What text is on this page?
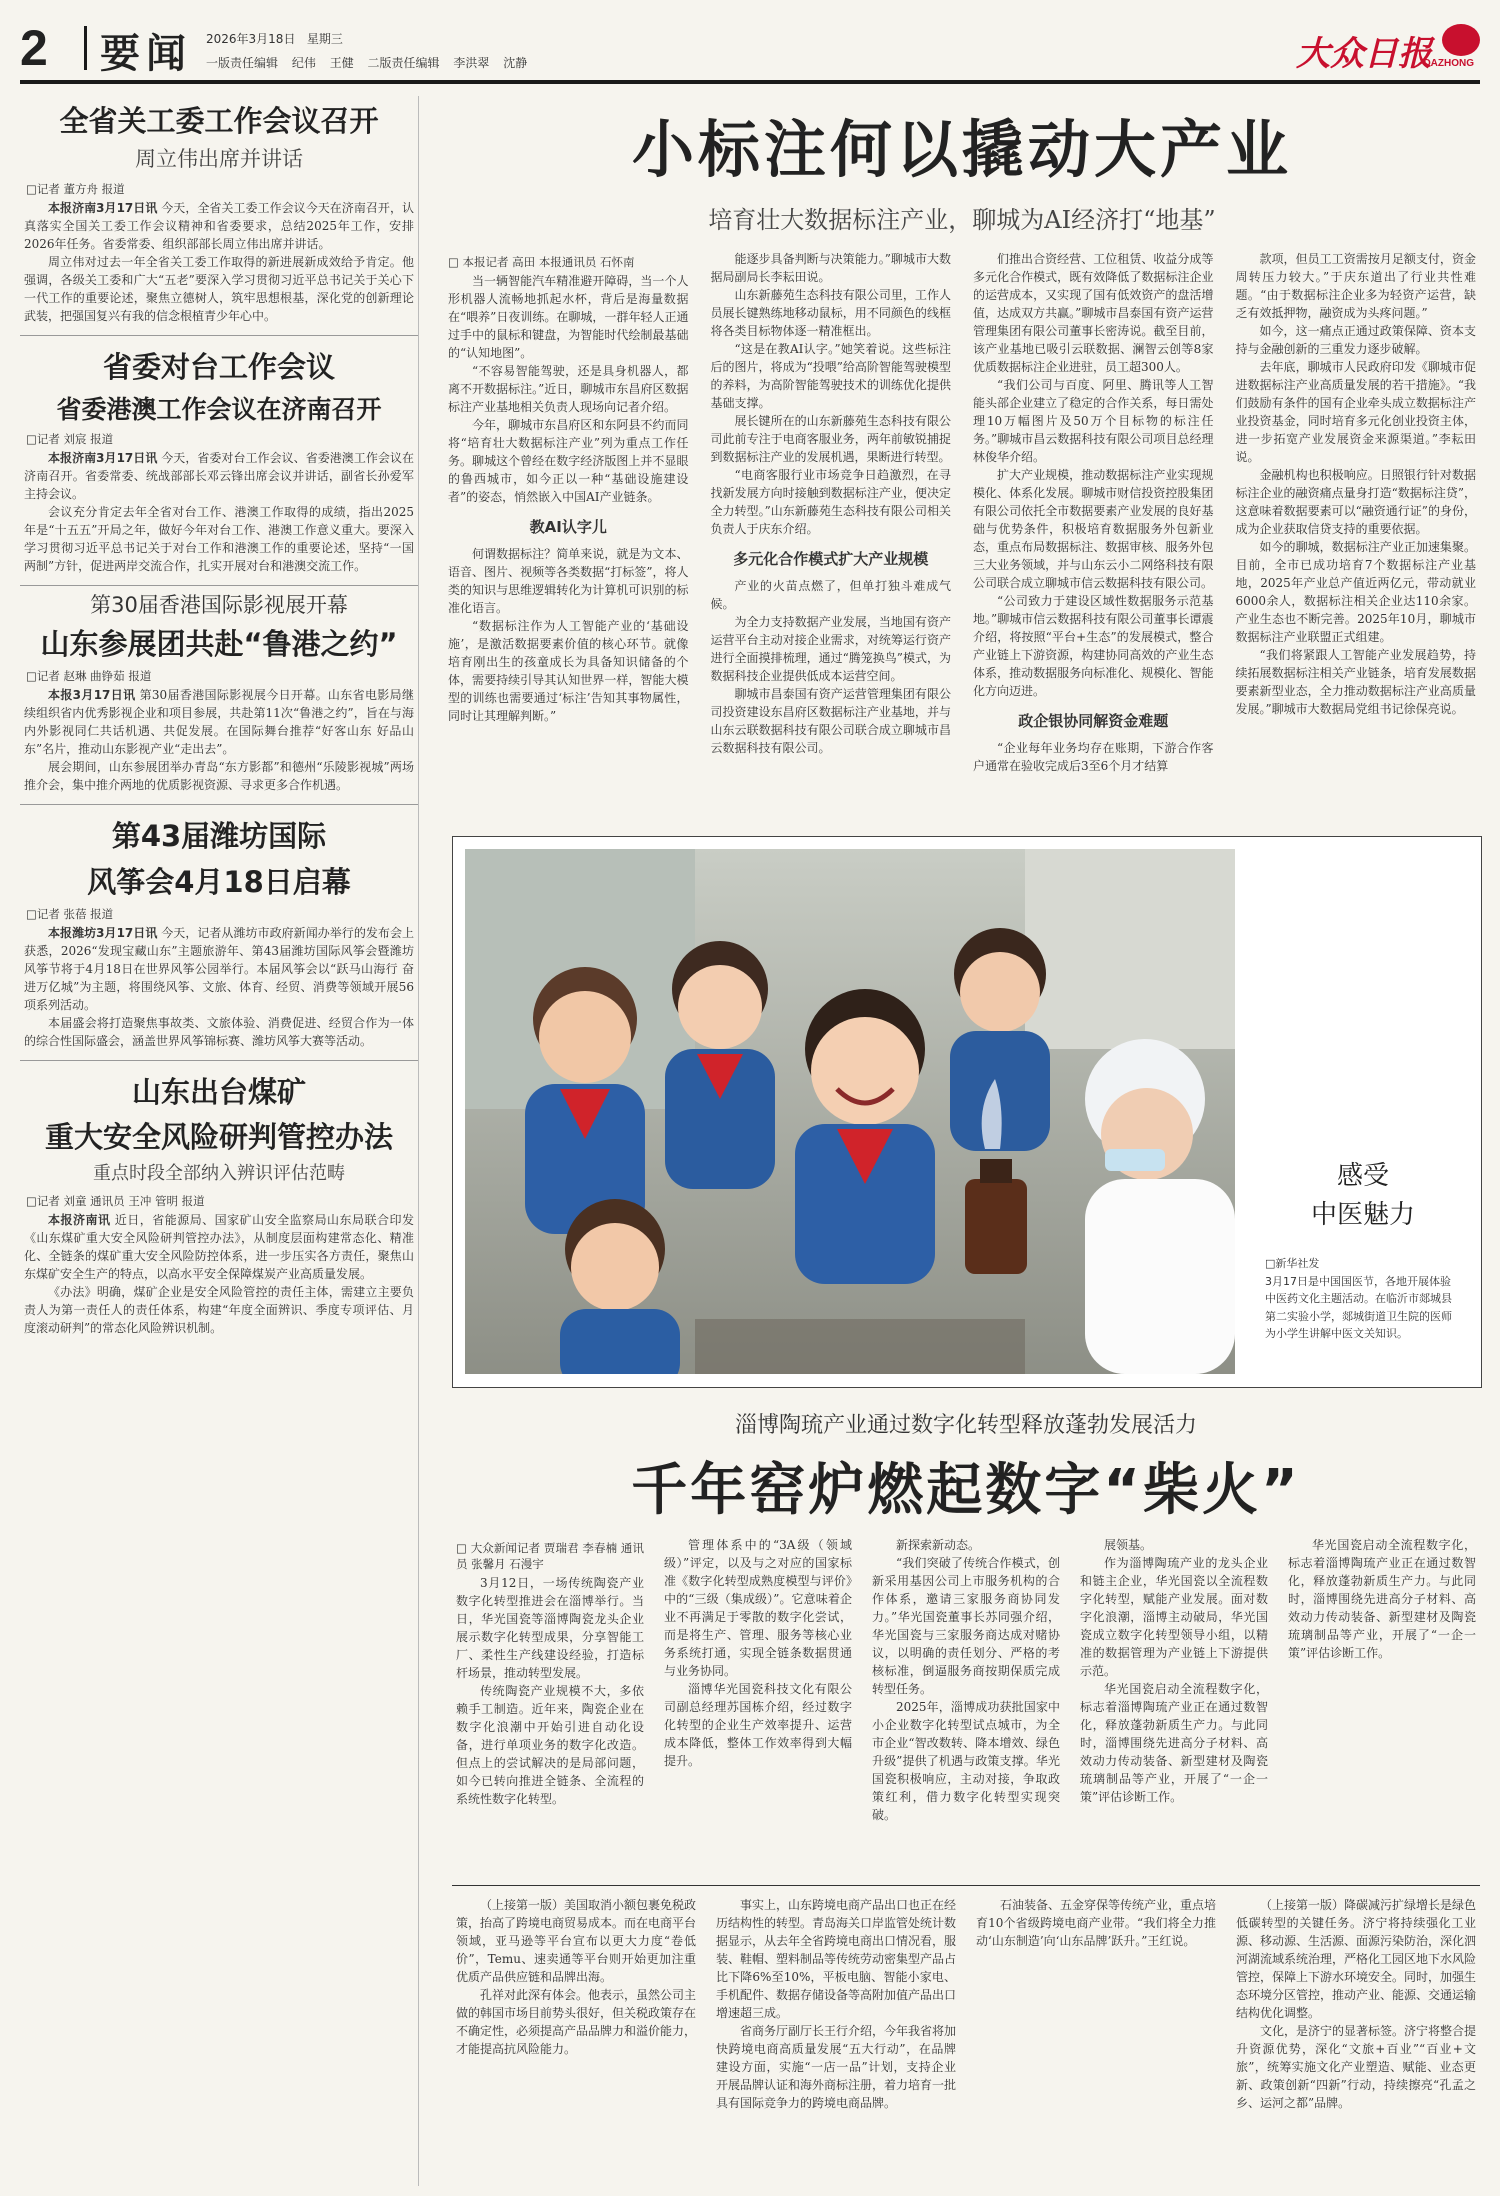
2 要闻 2026年3月18日 星期三
一版责任编辑 纪伟 王健 二版责任编辑 李洪翠 沈静	大众日报
DAZHONG
全省关工委工作会议召开
周立伟出席并讲话
□记者 董方舟 报道

本报济南3月17日讯 今天，全省关工委工作会议今天在济南召开，认真落实全国关工委工作会议精神和省委要求，总结2025年工作，安排2026年任务。省委常委、组织部部长周立伟出席并讲话。

周立伟对过去一年全省关工委工作取得的新进展新成效给予肯定。他强调，各级关工委和广大“五老”要深入学习贯彻习近平总书记关于关心下一代工作的重要论述，聚焦立德树人，筑牢思想根基，深化党的创新理论武装，把强国复兴有我的信念根植青少年心中。

省委对台工作会议
省委港澳工作会议在济南召开
□记者 刘宸 报道

本报济南3月17日讯 今天，省委对台工作会议、省委港澳工作会议在济南召开。省委常委、统战部部长邓云锋出席会议并讲话，副省长孙爱军主持会议。

会议充分肯定去年全省对台工作、港澳工作取得的成绩，指出2025年是“十五五”开局之年，做好今年对台工作、港澳工作意义重大。要深入学习贯彻习近平总书记关于对台工作和港澳工作的重要论述，坚持“一国两制”方针，促进两岸交流合作，扎实开展对台和港澳交流工作。

第30届香港国际影视展开幕
山东参展团共赴“鲁港之约”
□记者 赵琳 曲铮茹 报道

本报3月17日讯 第30届香港国际影视展今日开幕。山东省电影局继续组织省内优秀影视企业和项目参展，共赴第11次“鲁港之约”，旨在与海内外影视同仁共话机遇、共促发展。在国际舞台推荐“好客山东 好品山东”名片，推动山东影视产业“走出去”。

展会期间，山东参展团举办青岛“东方影都”和德州“乐陵影视城”两场推介会，集中推介两地的优质影视资源、寻求更多合作机遇。

第43届潍坊国际
风筝会4月18日启幕
□记者 张蓓 报道

本报潍坊3月17日讯 今天，记者从潍坊市政府新闻办举行的发布会上获悉，2026“发现宝藏山东”主题旅游年、第43届潍坊国际风筝会暨潍坊风筝节将于4月18日在世界风筝公园举行。本届风筝会以“跃马山海行 奋进万亿城”为主题，将围绕风筝、文旅、体育、经贸、消费等领域开展56项系列活动。

本届盛会将打造聚焦事故类、文旅体验、消费促进、经贸合作为一体的综合性国际盛会，涵盖世界风筝锦标赛、潍坊风筝大赛等活动。

山东出台煤矿
重大安全风险研判管控办法
重点时段全部纳入辨识评估范畴
□记者 刘童 通讯员 王冲 管明 报道

本报济南讯 近日，省能源局、国家矿山安全监察局山东局联合印发《山东煤矿重大安全风险研判管控办法》，从制度层面构建常态化、精准化、全链条的煤矿重大安全风险防控体系，进一步压实各方责任，聚焦山东煤矿安全生产的特点，以高水平安全保障煤炭产业高质量发展。

《办法》明确，煤矿企业是安全风险管控的责任主体，需建立主要负责人为第一责任人的责任体系，构建“年度全面辨识、季度专项评估、月度滚动研判”的常态化风险辨识机制。

小标注何以撬动大产业
培育壮大数据标注产业，聊城为AI经济打“地基”
□ 本报记者 高田 本报通讯员 石怀南

当一辆智能汽车精准避开障碍，当一个人形机器人流畅地抓起水杯，背后是海量数据在“喂养”日夜训练。在聊城，一群年轻人正通过手中的鼠标和键盘，为智能时代绘制最基础的“认知地图”。

“不容易智能驾驶，还是具身机器人，都离不开数据标注。”近日，聊城市东昌府区数据标注产业基地相关负责人现场向记者介绍。

今年，聊城市东昌府区和东阿县不约而同将“培育壮大数据标注产业”列为重点工作任务。聊城这个曾经在数字经济版图上并不显眼的鲁西城市，如今正以一种“基础设施建设者”的姿态，悄然嵌入中国AI产业链条。

教AI认字儿

何谓数据标注？简单来说，就是为文本、语音、图片、视频等各类数据“打标签”，将人类的知识与思维逻辑转化为计算机可识别的标准化语言。

“数据标注作为人工智能产业的‘基础设施’，是激活数据要素价值的核心环节。就像培育刚出生的孩童成长为具备知识储备的个体，需要持续引导其认知世界一样，智能大模型的训练也需要通过‘标注’告知其事物属性，同时让其理解判断。”

能逐步具备判断与决策能力。”聊城市大数据局副局长李耘田说。

山东新藤苑生态科技有限公司里，工作人员展长键熟练地移动鼠标，用不同颜色的线框将各类目标物体逐一精准框出。

“这是在教AI认字。”她笑着说。这些标注后的图片，将成为“投喂”给高阶智能驾驶模型的养料，为高阶智能驾驶技术的训练优化提供基础支撑。

展长键所在的山东新藤苑生态科技有限公司此前专注于电商客服业务，两年前敏锐捕捉到数据标注产业的发展机遇，果断进行转型。

“电商客服行业市场竞争日趋激烈，在寻找新发展方向时接触到数据标注产业，便决定全力转型。”山东新藤苑生态科技有限公司相关负责人于庆东介绍。

多元化合作模式扩大产业规模

产业的火苗点燃了，但单打独斗难成气候。

为全力支持数据产业发展，当地国有资产运营平台主动对接企业需求，对统筹运行资产进行全面摸排梳理，通过“腾笼换鸟”模式，为数据科技企业提供低成本运营空间。

聊城市昌泰国有资产运营管理集团有限公司投资建设东昌府区数据标注产业基地，并与山东云联数据科技有限公司联合成立聊城市昌云数据科技有限公司。

们推出合资经营、工位租赁、收益分成等多元化合作模式，既有效降低了数据标注企业的运营成本，又实现了国有低效资产的盘活增值，达成双方共赢。”聊城市昌泰国有资产运营管理集团有限公司董事长密涛说。截至目前，该产业基地已吸引云联数据、澜智云创等8家优质数据标注企业进驻，员工超300人。

“我们公司与百度、阿里、腾讯等人工智能头部企业建立了稳定的合作关系，每日需处理10万幅图片及50万个目标物的标注任务。”聊城市昌云数据科技有限公司项目总经理林俊华介绍。

扩大产业规模，推动数据标注产业实现规模化、体系化发展。聊城市财信投资控股集团有限公司依托全市数据要素产业发展的良好基础与优势条件，积极培育数据服务外包新业态，重点布局数据标注、数据审核、服务外包三大业务领域，并与山东云小二网络科技有限公司联合成立聊城市信云数据科技有限公司。

“公司致力于建设区域性数据服务示范基地。”聊城市信云数据科技有限公司董事长谭震介绍，将按照“平台+生态”的发展模式，整合产业链上下游资源，构建协同高效的产业生态体系，推动数据服务向标准化、规模化、智能化方向迈进。

政企银协同解资金难题

“企业每年业务均存在账期，下游合作客户通常在验收完成后3至6个月才结算

款项，但员工工资需按月足额支付，资金周转压力较大。”于庆东道出了行业共性难题。“由于数据标注企业多为轻资产运营，缺乏有效抵押物，融资成为头疼问题。”

如今，这一痛点正通过政策保障、资本支持与金融创新的三重发力逐步破解。

去年底，聊城市人民政府印发《聊城市促进数据标注产业高质量发展的若干措施》。“我们鼓励有条件的国有企业牵头成立数据标注产业投资基金，同时培育多元化创业投资主体，进一步拓宽产业发展资金来源渠道。”李耘田说。

金融机构也积极响应。日照银行针对数据标注企业的融资痛点量身打造“数据标注贷”，这意味着数据要素可以“融资通行证”的身份，成为企业获取信贷支持的重要依据。

如今的聊城，数据标注产业正加速集聚。目前，全市已成功培育7个数据标注产业基地，2025年产业总产值近两亿元，带动就业6000余人，数据标注相关企业达110余家。产业生态也不断完善。2025年10月，聊城市数据标注产业联盟正式组建。

“我们将紧跟人工智能产业发展趋势，持续拓展数据标注相关产业链条，培育发展数据要素新型业态，全力推动数据标注产业高质量发展。”聊城市大数据局党组书记徐保亮说。

感受
中医魅力
□新华社发
3月17日是中国国医节，各地开展体验中医药文化主题活动。在临沂市郯城县第二实验小学，郯城街道卫生院的医师为小学生讲解中医文关知识。
淄博陶琉产业通过数字化转型释放蓬勃发展活力
千年窑炉燃起数字“柴火”
□ 大众新闻记者 贾瑞君 李春楠 通讯员 张馨月 石漫宇

3月12日，一场传统陶瓷产业数字化转型推进会在淄博举行。当日，华光国瓷等淄博陶瓷龙头企业展示数字化转型成果，分享智能工厂、柔性生产线建设经验，打造标杆场景，推动转型发展。

传统陶瓷产业规模不大，多依赖手工制造。近年来，陶瓷企业在数字化浪潮中开始引进自动化设备，进行单项业务的数字化改造。但点上的尝试解决的是局部问题，如今已转向推进全链条、全流程的系统性数字化转型。

管理体系中的“3A级（领域级）”评定，以及与之对应的国家标准《数字化转型成熟度模型与评价》中的“三级（集成级）”。它意味着企业不再满足于零散的数字化尝试，而是将生产、管理、服务等核心业务系统打通，实现全链条数据贯通与业务协同。

淄博华光国瓷科技文化有限公司副总经理苏国栋介绍，经过数字化转型的企业生产效率提升、运营成本降低，整体工作效率得到大幅提升。

新探索新动态。

“我们突破了传统合作模式，创新采用基因公司上市服务机构的合作体系，邀请三家服务商协同发力。”华光国瓷董事长苏同强介绍，华光国瓷与三家服务商达成对赌协议，以明确的责任划分、严格的考核标准，倒逼服务商按期保质完成转型任务。

2025年，淄博成功获批国家中小企业数字化转型试点城市，为全市企业“智改数转、降本增效、绿色升级”提供了机遇与政策支撑。华光国瓷积极响应，主动对接，争取政策红利，借力数字化转型实现突破。

展领基。

作为淄博陶琉产业的龙头企业和链主企业，华光国瓷以全流程数字化转型，赋能产业发展。面对数字化浪潮，淄博主动破局，华光国瓷成立数字化转型领导小组，以精准的数据管理为产业链上下游提供示范。

华光国瓷启动全流程数字化，标志着淄博陶琉产业正在通过数智化，释放蓬勃新质生产力。与此同时，淄博围绕先进高分子材料、高效动力传动装备、新型建材及陶瓷琉璃制品等产业，开展了“一企一策”评估诊断工作。

华光国瓷启动全流程数字化，标志着淄博陶琉产业正在通过数智化，释放蓬勃新质生产力。与此同时，淄博围绕先进高分子材料、高效动力传动装备、新型建材及陶瓷琉璃制品等产业，开展了“一企一策”评估诊断工作。

（上接第一版）美国取消小额包裹免税政策，抬高了跨境电商贸易成本。而在电商平台领域，亚马逊等平台宣布以更大力度“卷低价”，Temu、速卖通等平台则开始更加注重优质产品供应链和品牌出海。

孔祥对此深有体会。他表示，虽然公司主做的韩国市场目前势头很好，但关税政策存在不确定性，必须提高产品品牌力和溢价能力，才能提高抗风险能力。

事实上，山东跨境电商产品出口也正在经历结构性的转型。青岛海关口岸监管处统计数据显示，从去年全省跨境电商出口情况看，服装、鞋帽、塑料制品等传统劳动密集型产品占比下降6%至10%，平板电脑、智能小家电、手机配件、数据存储设备等高附加值产品出口增速超三成。

省商务厅副厅长王行介绍，今年我省将加快跨境电商高质量发展“五大行动”，在品牌建设方面，实施“一店一品”计划，支持企业开展品牌认证和海外商标注册，着力培育一批具有国际竞争力的跨境电商品牌。

石油装备、五金穿保等传统产业，重点培育10个省级跨境电商产业带。“我们将全力推动‘山东制造’向‘山东品牌’跃升。”王红说。

（上接第一版）降碳减污扩绿增长是绿色低碳转型的关键任务。济宁将持续强化工业源、移动源、生活源、面源污染防治，深化泗河湖流域系统治理，严格化工园区地下水风险管控，保障上下游水环境安全。同时，加强生态环境分区管控，推动产业、能源、交通运输结构优化调整。

文化，是济宁的显著标签。济宁将整合提升资源优势，深化“文旅+百业”“百业+文旅”，统筹实施文化产业塑造、赋能、业态更新、政策创新“四新”行动，持续擦亮“孔孟之乡、运河之都”品牌。
